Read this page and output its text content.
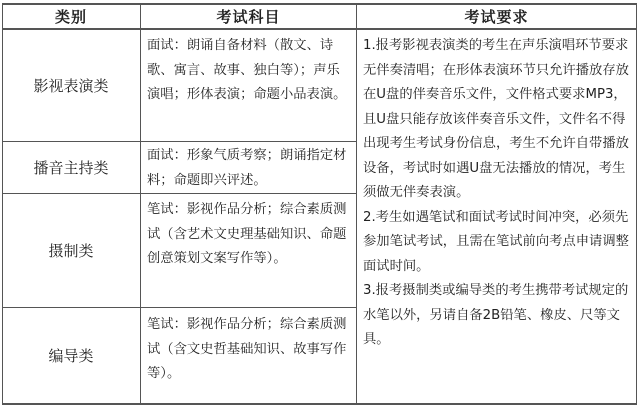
类别	考试科目	考试要求
影视表演类
面试：朗诵自备材料（散文、诗歌、寓言、故事、独白等）；声乐演唱；形体表演；命题小品表演。
播音主持类
面试：形象气质考察；朗诵指定材料；命题即兴评述。
摄制类
笔试：影视作品分析；综合素质测试（含艺术文史理基础知识、命题创意策划文案写作等）。
编导类
笔试：影视作品分析；综合素质测试（含文史哲基础知识、故事写作等）。

1.报考影视表演类的考生在声乐演唱环节要求无伴奏清唱；在形体表演环节只允许播放存放在U盘的伴奏音乐文件，文件格式要求MP3，且U盘只能存放该伴奏音乐文件，文件名不得出现考生考试身份信息，考生不允许自带播放设备，考试时如遇U盘无法播放的情况，考生须做无伴奏表演。

2.考生如遇笔试和面试考试时间冲突，必须先参加笔试考试，且需在笔试前向考点申请调整面试时间。

3.报考摄制类或编导类的考生携带考试规定的水笔以外，另请自备2B铅笔、橡皮、尺等文具。
